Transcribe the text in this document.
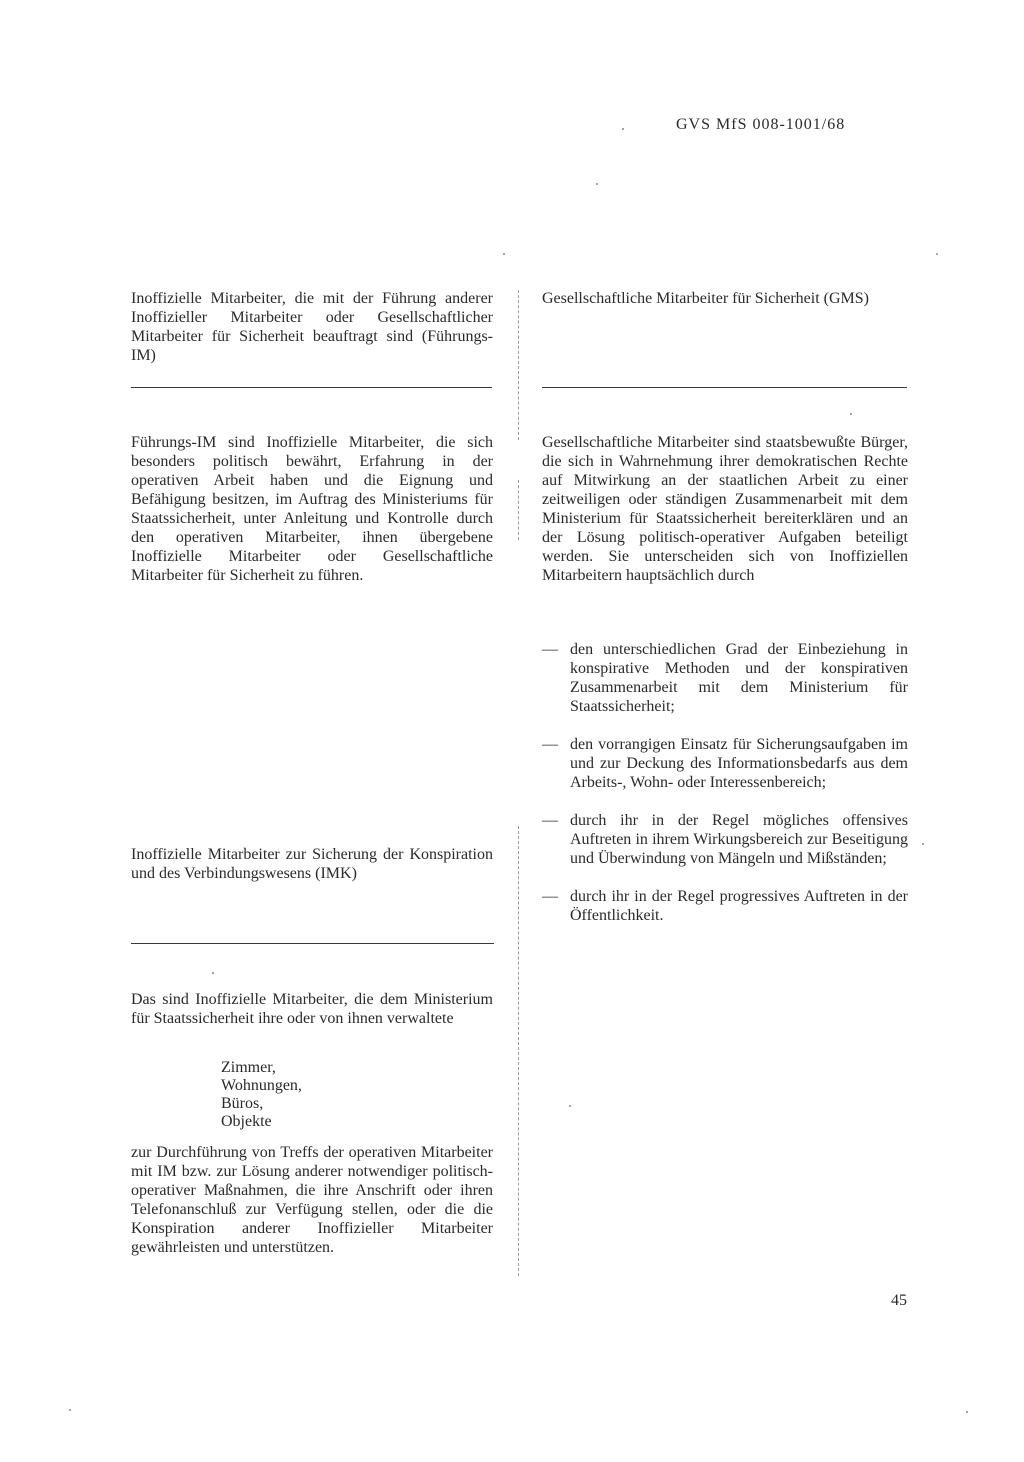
GVS MfS 008-1001/68

Inoffizielle Mitarbeiter, die mit der Führung anderer Inoffizieller Mitarbeiter oder Gesellschaftlicher Mitarbeiter für Sicherheit beauftragt sind (Führungs-IM)

Führungs-IM sind Inoffizielle Mitarbeiter, die sich besonders politisch bewährt, Erfahrung in der operativen Arbeit haben und die Eignung und Befähigung besitzen, im Auftrag des Ministeriums für Staatssicherheit, unter Anleitung und Kontrolle durch den operativen Mitarbeiter, ihnen übergebene Inoffizielle Mitarbeiter oder Gesellschaftliche Mitarbeiter für Sicherheit zu führen.

Inoffizielle Mitarbeiter zur Sicherung der Konspiration und des Verbindungswesens (IMK)

Das sind Inoffizielle Mitarbeiter, die dem Ministerium für Staatssicherheit ihre oder von ihnen verwaltete

Zimmer,
Wohnungen,
Büros,
Objekte

zur Durchführung von Treffs der operativen Mitarbeiter mit IM bzw. zur Lösung anderer notwendiger politisch-operativer Maßnahmen, die ihre Anschrift oder ihren Telefonanschluß zur Verfügung stellen, oder die die Konspiration anderer Inoffizieller Mitarbeiter gewährleisten und unterstützen.

Gesellschaftliche Mitarbeiter für Sicherheit (GMS)

Gesellschaftliche Mitarbeiter sind staatsbewußte Bürger, die sich in Wahrnehmung ihrer demokratischen Rechte auf Mitwirkung an der staatlichen Arbeit zu einer zeitweiligen oder ständigen Zusammenarbeit mit dem Ministerium für Staatssicherheit bereiterklären und an der Lösung politisch-operativer Aufgaben beteiligt werden. Sie unterscheiden sich von Inoffiziellen Mitarbeitern hauptsächlich durch

— den unterschiedlichen Grad der Einbeziehung in konspirative Methoden und der konspirativen Zusammenarbeit mit dem Ministerium für Staatssicherheit;
— den vorrangigen Einsatz für Sicherungsaufgaben im und zur Deckung des Informationsbedarfs aus dem Arbeits-, Wohn- oder Interessenbereich;
— durch ihr in der Regel mögliches offensives Auftreten in ihrem Wirkungsbereich zur Beseitigung und Überwindung von Mängeln und Mißständen;
— durch ihr in der Regel progressives Auftreten in der Öffentlichkeit.
45
